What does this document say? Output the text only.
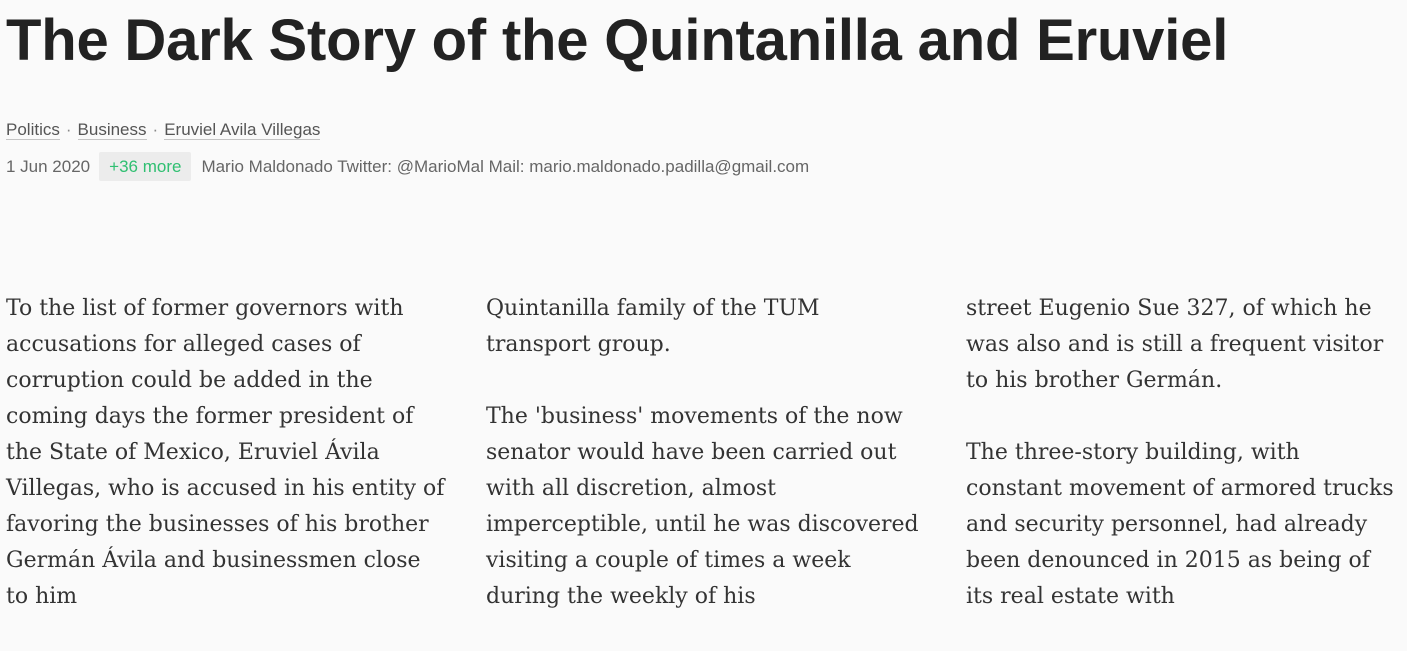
The Dark Story of the Quintanilla and Eruviel
Politics · Business · Eruviel Avila Villegas
1 Jun 2020 +36 more Mario Maldonado Twitter: @MarioMal Mail: mario.maldonado.padilla@gmail.com

To the list of former governors with accusations for alleged cases of corruption could be added in the coming days the former president of the State of Mexico, Eruviel Ávila Villegas, who is accused in his entity of favoring the businesses of his brother Germán Ávila and businessmen close to him

Quintanilla family of the TUM transport group.

The 'business' movements of the now senator would have been carried out with all discretion, almost imperceptible, until he was discovered visiting a couple of times a week during the weekly of his

street Eugenio Sue 327, of which he was also and is still a frequent visitor to his brother Germán.

The three-story building, with constant movement of armored trucks and security personnel, had already been denounced in 2015 as being of its real estate with
